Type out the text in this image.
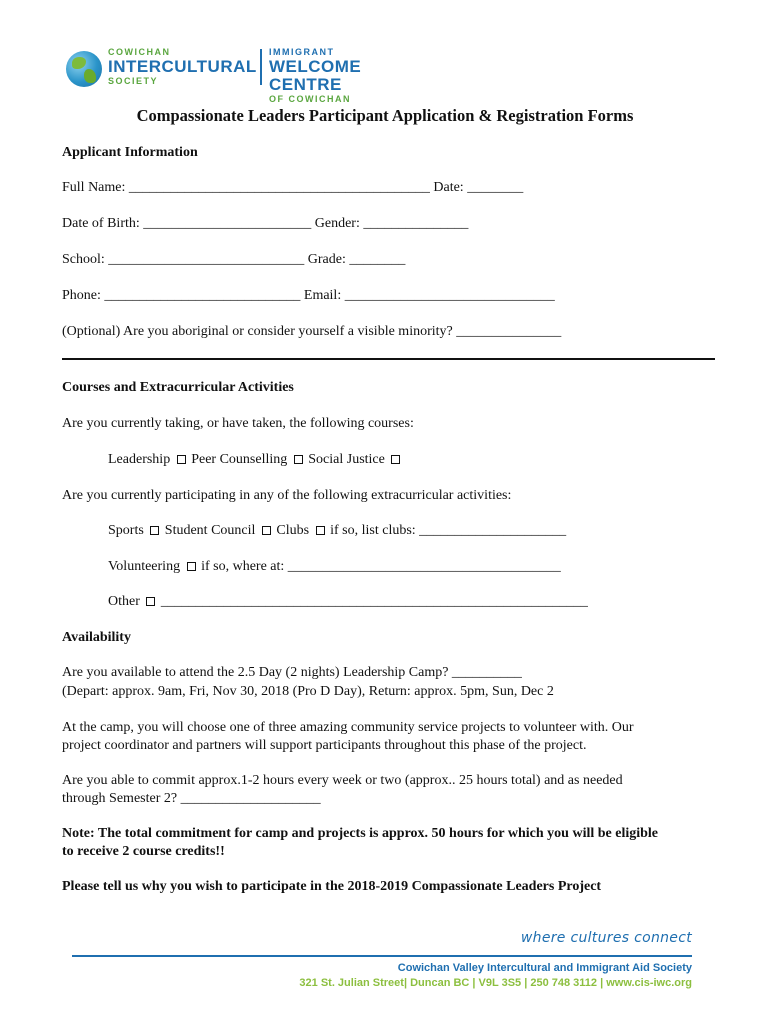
COWICHAN
INTERCULTURAL
SOCIETY
IMMIGRANT
WELCOME CENTRE
OF COWICHAN
Compassionate Leaders Participant Application & Registration Forms
Applicant Information
Full Name: ___________________________________________ Date: ________
Date of Birth: ________________________ Gender: _______________
School: ____________________________ Grade: ________
Phone: ____________________________ Email: ______________________________
(Optional) Are you aboriginal or consider yourself a visible minority? _______________
Courses and Extracurricular Activities
Are you currently taking, or have taken, the following courses:
Leadership Peer Counselling Social Justice
Are you currently participating in any of the following extracurricular activities:
Sports Student Council Clubs if so, list clubs: _____________________
Volunteering if so, where at: _______________________________________
Other _____________________________________________________________
Availability
Are you available to attend the 2.5 Day (2 nights) Leadership Camp? __________
(Depart: approx. 9am, Fri, Nov 30, 2018 (Pro D Day), Return: approx. 5pm, Sun, Dec 2
At the camp, you will choose one of three amazing community service projects to volunteer with. Our
project coordinator and partners will support participants throughout this phase of the project.
Are you able to commit approx.1-2 hours every week or two (approx.. 25 hours total) and as needed
through Semester 2? ____________________
Note: The total commitment for camp and projects is approx. 50 hours for which you will be eligible
to receive 2 course credits!!
Please tell us why you wish to participate in the 2018-2019 Compassionate Leaders Project
where cultures connect
Cowichan Valley Intercultural and Immigrant Aid Society
321 St. Julian Street| Duncan BC | V9L 3S5 | 250 748 3112 | www.cis-iwc.org
